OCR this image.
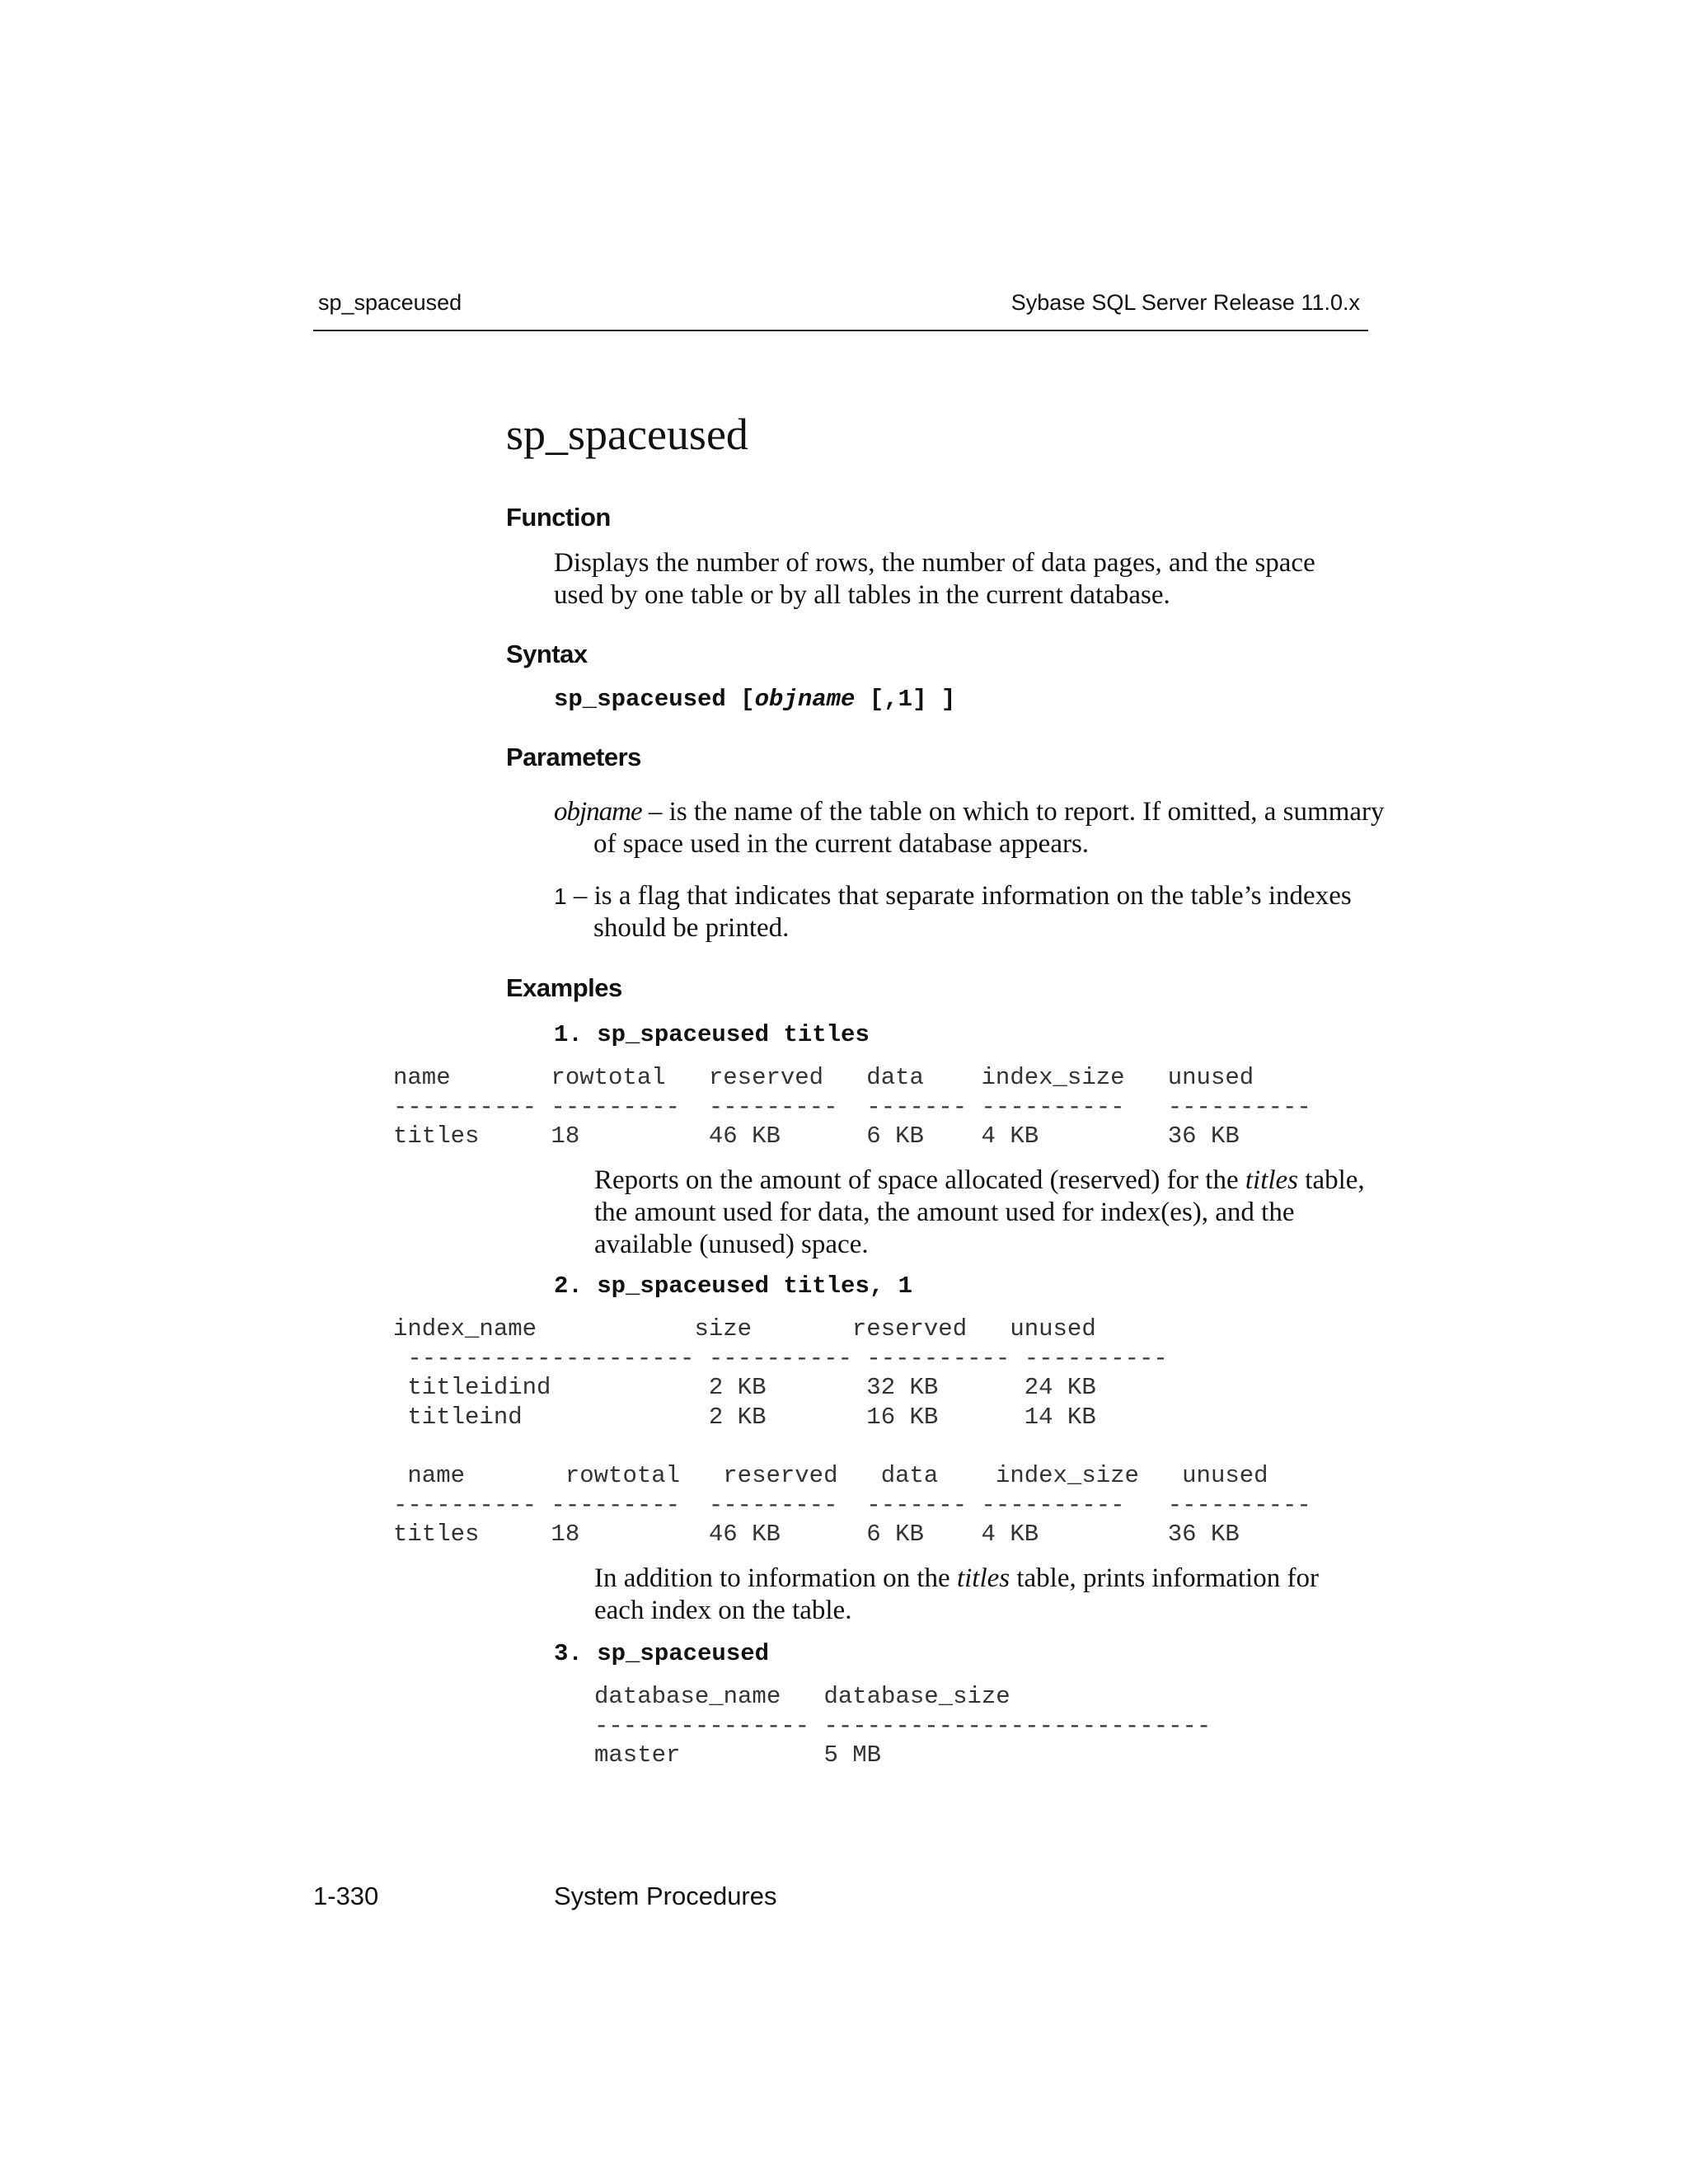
sp_spaceused	Sybase SQL Server Release 11.0.x
sp_spaceused
Function
Displays the number of rows, the number of data pages, and the space used by one table or by all tables in the current database.
Syntax
sp_spaceused [objname [,1] ]
Parameters
objname – is the name of the table on which to report. If omitted, a summary of space used in the current database appears.
1 – is a flag that indicates that separate information on the table’s indexes should be printed.
Examples
1. sp_spaceused titles
name       rowtotal   reserved   data    index_size   unused
---------- ---------  ---------  ------- ----------   ----------
titles     18         46 KB      6 KB    4 KB         36 KB
Reports on the amount of space allocated (reserved) for the titles table, the amount used for data, the amount used for index(es), and the available (unused) space.
2. sp_spaceused titles, 1
index_name           size       reserved   unused
-------------------- ---------- ---------- ----------
titleidind           2 KB       32 KB      24 KB
titleind             2 KB       16 KB      14 KB
name       rowtotal   reserved   data    index_size   unused
---------- ---------  ---------  ------- ----------   ----------
titles     18         46 KB      6 KB    4 KB         36 KB
In addition to information on the titles table, prints information for each index on the table.
3. sp_spaceused
database_name   database_size
--------------- ---------------------------
master          5 MB
1-330	System Procedures
